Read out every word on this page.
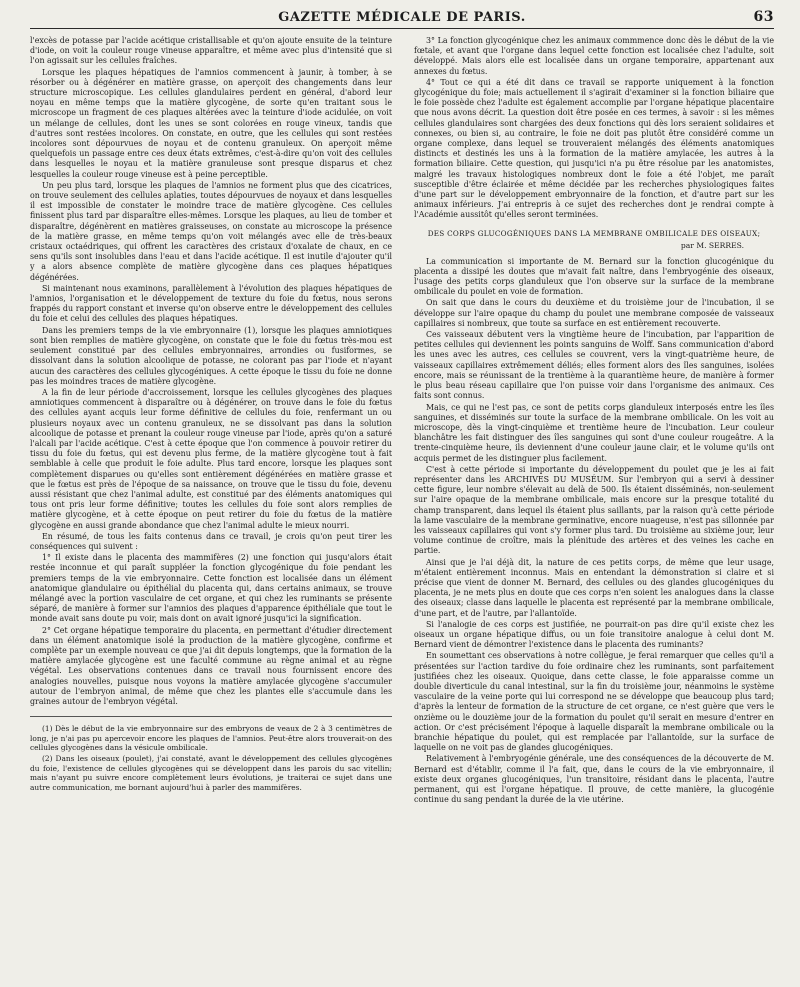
GAZETTE MÉDICALE DE PARIS.	63

l'excès de potasse par l'acide acétique cristallisable et qu'on ajoute ensuite de la teinture d'iode, on voit la couleur rouge vineuse apparaître, et même avec plus d'intensité que si l'on agissait sur les cellules fraîches.

Lorsque les plaques hépatiques de l'amnios commencent à jaunir, à tomber, à se résorber ou à dégénérer en matière grasse, on aperçoit des changements dans leur structure microscopique. Les cellules glandulaires perdent en général, d'abord leur noyau en même temps que la matière glycogène, de sorte qu'en traitant sous le microscope un fragment de ces plaques altérées avec la teinture d'iode acidulée, on voit un mélange de cellules, dont les unes se sont colorées en rouge vineux, tandis que d'autres sont restées incolores. On constate, en outre, que les cellules qui sont restées incolores sont dépourvues de noyau et de contenu granuleux. On aperçoit même quelquefois un passage entre ces deux états extrêmes, c'est-à-dire qu'on voit des cellules dans lesquelles le noyau et la matière granuleuse sont presque disparus et chez lesquelles la couleur rouge vineuse est à peine perceptible.

Un peu plus tard, lorsque les plaques de l'amnios ne forment plus que des cicatrices, on trouve seulement des cellules aplaties, toutes dépourvues de noyaux et dans lesquelles il est impossible de constater le moindre trace de matière glycogène. Ces cellules finissent plus tard par disparaître elles-mêmes. Lorsque les plaques, au lieu de tomber et disparaître, dégénèrent en matières graisseuses, on constate au microscope la présence de la matière grasse, en même temps qu'on voit mélangés avec elle de très-beaux cristaux octaédriques, qui offrent les caractères des cristaux d'oxalate de chaux, en ce sens qu'ils sont insolubles dans l'eau et dans l'acide acétique. Il est inutile d'ajouter qu'il y a alors absence complète de matière glycogène dans ces plaques hépatiques dégénérées.

Si maintenant nous examinons, parallèlement à l'évolution des plaques hépatiques de l'amnios, l'organisation et le développement de texture du foie du fœtus, nous serons frappés du rapport constant et inverse qu'on observe entre le développement des cellules du foie et celui des cellules des plaques hépatiques.

Dans les premiers temps de la vie embryonnaire (1), lorsque les plaques amniotiques sont bien remplies de matière glycogène, on constate que le foie du fœtus très-mou est seulement constitué par des cellules embryonnaires, arrondies ou fusiformes, se dissolvant dans la solution alcoolique de potasse, ne colorant pas par l'iode et n'ayant aucun des caractères des cellules glycogéniques. A cette époque le tissu du foie ne donne pas les moindres traces de matière glycogène.

A la fin de leur période d'accroissement, lorsque les cellules glycogènes des plaques amniotiques commencent à disparaître ou à dégénérer, on trouve dans le foie du fœtus des cellules ayant acquis leur forme définitive de cellules du foie, renfermant un ou plusieurs noyaux avec un contenu granuleux, ne se dissolvant pas dans la solution alcoolique de potasse et prenant la couleur rouge vineuse par l'iode, après qu'on a saturé l'alcali par l'acide acétique. C'est à cette époque que l'on commence à pouvoir retirer du tissu du foie du fœtus, qui est devenu plus ferme, de la matière glycogène tout à fait semblable à celle que produit le foie adulte. Plus tard encore, lorsque les plaques sont complètement disparues ou qu'elles sont entièrement dégénérées en matière grasse et que le fœtus est près de l'époque de sa naissance, on trouve que le tissu du foie, devenu aussi résistant que chez l'animal adulte, est constitué par des éléments anatomiques qui tous ont pris leur forme définitive; toutes les cellules du foie sont alors remplies de matière glycogène, et à cette époque on peut retirer du foie du fœtus de la matière glycogène en aussi grande abondance que chez l'animal adulte le mieux nourri.

En résumé, de tous les faits contenus dans ce travail, je crois qu'on peut tirer les conséquences qui suivent :

1° Il existe dans le placenta des mammifères (2) une fonction qui jusqu'alors était restée inconnue et qui paraît suppléer la fonction glycogénique du foie pendant les premiers temps de la vie embryonnaire. Cette fonction est localisée dans un élément anatomique glandulaire ou épithélial du placenta qui, dans certains animaux, se trouve mélangé avec la portion vasculaire de cet organe, et qui chez les ruminants se présente séparé, de manière à former sur l'amnios des plaques d'apparence épithéliale que tout le monde avait sans doute pu voir, mais dont on avait ignoré jusqu'ici la signification.

2° Cet organe hépatique temporaire du placenta, en permettant d'étudier directement dans un élément anatomique isolé la production de la matière glycogène, confirme et complète par un exemple nouveau ce que j'ai dit depuis longtemps, que la formation de la matière amylacée glycogène est une faculté commune au règne animal et au règne végétal. Les observations contenues dans ce travail nous fournissent encore des analogies nouvelles, puisque nous voyons la matière amylacée glycogène s'accumuler autour de l'embryon animal, de même que chez les plantes elle s'accumule dans les graines autour de l'embryon végétal.

(1) Dès le début de la vie embryonnaire sur des embryons de veaux de 2 à 3 centimètres de long, je n'ai pas pu apercevoir encore les plaques de l'amnios. Peut-être alors trouverait-on des cellules glycogènes dans la vésicule ombilicale.

(2) Dans les oiseaux (poulet), j'ai constaté, avant le développement des cellules glycogènes du foie, l'existence de cellules glycogènes qui se développent dans les parois du sac vitellin; mais n'ayant pu suivre encore complètement leurs évolutions, je traiterai ce sujet dans une autre communication, me bornant aujourd'hui à parler des mammifères.

3° La fonction glycogénique chez les animaux commmence donc dès le début de la vie fœtale, et avant que l'organe dans lequel cette fonction est localisée chez l'adulte, soit développé. Mais alors elle est localisée dans un organe temporaire, appartenant aux annexes du fœtus.

4° Tout ce qui a été dit dans ce travail se rapporte uniquement à la fonction glycogénique du foie; mais actuellement il s'agirait d'examiner si la fonction biliaire que le foie possède chez l'adulte est également accomplie par l'organe hépatique placentaire que nous avons décrit. La question doit être posée en ces termes, à savoir : si les mêmes cellules glandulaires sont chargées des deux fonctions qui dès lors seraient solidaires et connexes, ou bien si, au contraire, le foie ne doit pas plutôt être considéré comme un organe complexe, dans lequel se trouveraient mélangés des éléments anatomiques distincts et destinés les uns à la formation de la matière amylacée, les autres à la formation biliaire. Cette question, qui jusqu'ici n'a pu être résolue par les anatomistes, malgré les travaux histologiques nombreux dont le foie a été l'objet, me paraît susceptible d'être éclairée et même décidée par les recherches physiologiques faites d'une part sur le développement embryonnaire de la fonction, et d'autre part sur les animaux inférieurs. J'ai entrepris à ce sujet des recherches dont je rendrai compte à l'Académie aussitôt qu'elles seront terminées.

DES CORPS GLUCOGÉNIQUES DANS LA MEMBRANE OMBILICALE DES OISEAUX;
par M. SERRES.

La communication si importante de M. Bernard sur la fonction glucogénique du placenta a dissipé les doutes que m'avait fait naître, dans l'embryogénie des oiseaux, l'usage des petits corps glanduleux que l'on observe sur la surface de la membrane ombilicale du poulet en voie de formation.

On sait que dans le cours du deuxième et du troisième jour de l'incubation, il se développe sur l'aire opaque du champ du poulet une membrane composée de vaisseaux capillaires si nombreux, que toute sa surface en est entièrement recouverte.

Ces vaisseaux débutent vers la vingtième heure de l'incubation, par l'apparition de petites cellules qui deviennent les points sanguins de Wolff. Sans communication d'abord les unes avec les autres, ces cellules se couvrent, vers la vingt-quatrième heure, de vaisseaux capillaires extrêmement déliés; elles forment alors des îles sanguines, isolées encore, mais se réunissant de la trentième à la quarantième heure, de manière à former le plus beau réseau capillaire que l'on puisse voir dans l'organisme des animaux. Ces faits sont connus.

Mais, ce qui ne l'est pas, ce sont de petits corps glanduleux interposés entre les îles sanguines, et disséminés sur toute la surface de la membrane ombilicale. On les voit au microscope, dès la vingt-cinquième et trentième heure de l'incubation. Leur couleur blanchâtre les fait distinguer des îles sanguines qui sont d'une couleur rougeâtre. A la trente-cinquième heure, ils deviennent d'une couleur jaune clair, et le volume qu'ils ont acquis permet de les distinguer plus facilement.

C'est à cette période si importante du développement du poulet que je les ai fait représenter dans les ARCHIVES DU MUSÉUM. Sur l'embryon qui a servi à dessiner cette figure, leur nombre s'élevait au delà de 500. Ils étaient disséminés, non-seulement sur l'aire opaque de la membrane ombilicale, mais encore sur la presque totalité du champ transparent, dans lequel ils étaient plus saillants, par la raison qu'à cette période la lame vasculaire de la membrane germinative, encore nuageuse, n'est pas sillonnée par les vaisseaux capillaires qui vont s'y former plus tard. Du troisième au sixième jour, leur volume continue de croître, mais la plénitude des artères et des veines les cache en partie.

Ainsi que je l'ai déjà dit, la nature de ces petits corps, de même que leur usage, m'étaient entièrement inconnus. Mais en entendant la démonstration si claire et si précise que vient de donner M. Bernard, des cellules ou des glandes glucogéniques du placenta, je ne mets plus en doute que ces corps n'en soient les analogues dans la classe des oiseaux; classe dans laquelle le placenta est représenté par la membrane ombilicale, d'une part, et de l'autre, par l'allantoïde.

Si l'analogie de ces corps est justifiée, ne pourrait-on pas dire qu'il existe chez les oiseaux un organe hépatique diffus, ou un foie transitoire analogue à celui dont M. Bernard vient de démontrer l'existence dans le placenta des ruminants?

En soumettant ces observations à notre collègue, je ferai remarquer que celles qu'il a présentées sur l'action tardive du foie ordinaire chez les ruminants, sont parfaitement justifiées chez les oiseaux. Quoique, dans cette classe, le foie apparaisse comme un double diverticule du canal intestinal, sur la fin du troisième jour, néanmoins le système vasculaire de la veine porte qui lui correspond ne se développe que beaucoup plus tard; d'après la lenteur de formation de la structure de cet organe, ce n'est guère que vers le onzième ou le douzième jour de la formation du poulet qu'il serait en mesure d'entrer en action. Or c'est précisément l'époque à laquelle disparaît la membrane ombilicale ou la branchie hépatique du poulet, qui est remplacée par l'allantoïde, sur la surface de laquelle on ne voit pas de glandes glucogéniques.

Relativement à l'embryogénie générale, une des conséquences de la découverte de M. Bernard est d'établir, comme il l'a fait, que, dans le cours de la vie embryonnaire, il existe deux organes glucogéniques, l'un transitoire, résidant dans le placenta, l'autre permanent, qui est l'organe hépatique. Il prouve, de cette manière, la glucogénie continue du sang pendant la durée de la vie utérine.
